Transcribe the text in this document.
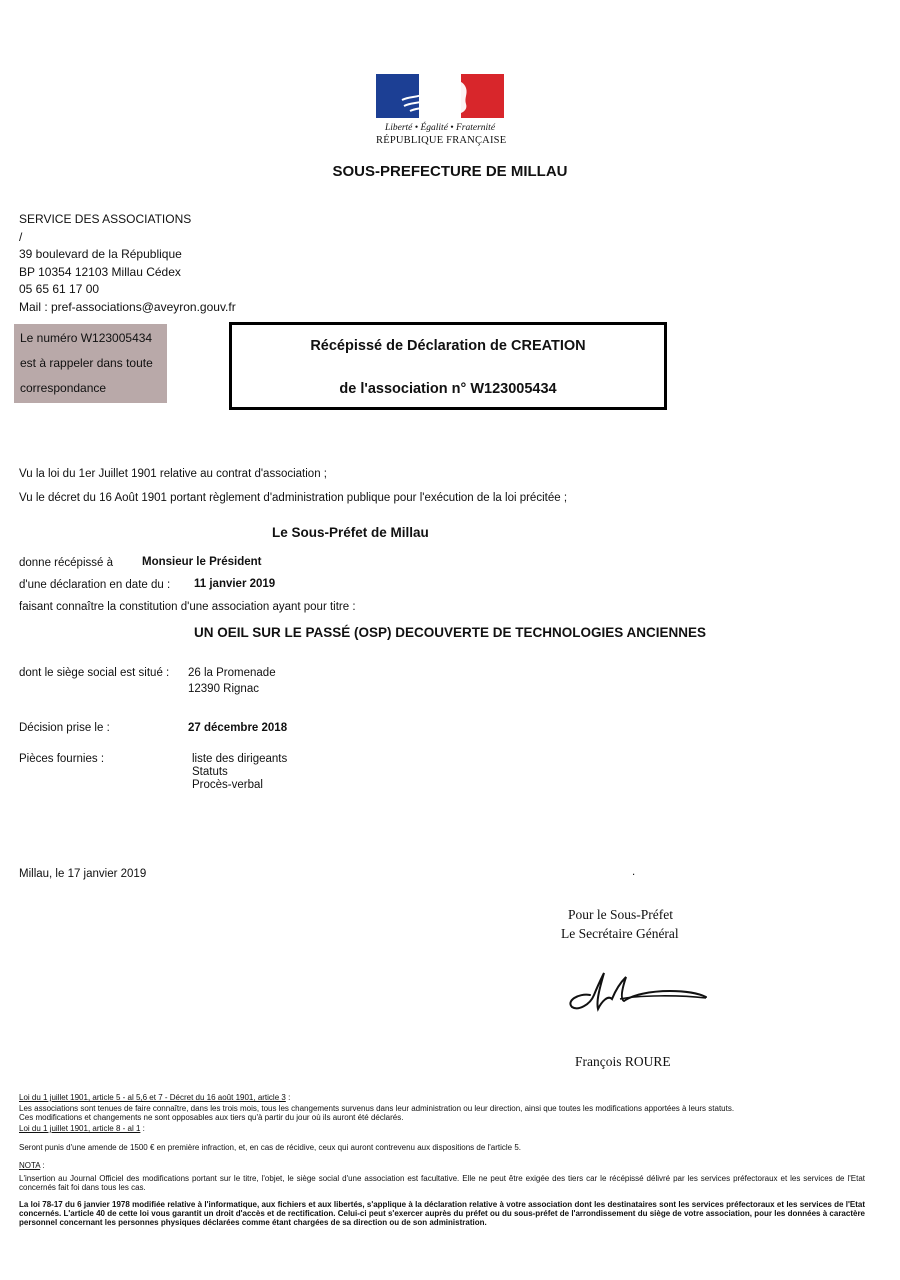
Liberté • Égalité • Fraternité
RÉPUBLIQUE FRANÇAISE
SOUS-PREFECTURE DE MILLAU
SERVICE DES ASSOCIATIONS
/
39 boulevard de la République
BP 10354 12103 Millau Cédex
05 65 61 17 00
Mail : pref-associations@aveyron.gouv.fr
Le numéro W123005434
est à rappeler dans toute
correspondance
Récépissé de Déclaration de CREATION
de l'association n° W123005434
Vu la loi du 1er Juillet 1901 relative au contrat d'association ;
Vu le décret du 16 Août 1901 portant règlement d'administration publique pour l'exécution de la loi précitée ;
Le Sous-Préfet de Millau
donne récépissé à	Monsieur le Président
d'une déclaration en date du : 11 janvier 2019
faisant connaître la constitution d'une association ayant pour titre :
UN OEIL SUR LE PASSÉ (OSP) DECOUVERTE DE TECHNOLOGIES ANCIENNES
dont le siège social est situé : 26 la Promenade
12390 Rignac
Décision prise le :	27 décembre 2018
Pièces fournies :	liste des dirigeants
Statuts
Procès-verbal
Millau, le 17 janvier 2019	.
Pour le Sous-Préfet
Le Secrétaire Général
François ROURE
Loi du 1 juillet 1901, article 5 - al 5,6 et 7 - Décret du 16 août 1901, article 3 :
Les associations sont tenues de faire connaître, dans les trois mois, tous les changements survenus dans leur administration ou leur direction, ainsi que toutes les modifications apportées à leurs statuts.
Ces modifications et changements ne sont opposables aux tiers qu'à partir du jour où ils auront été déclarés.
Loi du 1 juillet 1901, article 8 - al 1 :
Seront punis d'une amende de 1500 € en première infraction, et, en cas de récidive, ceux qui auront contrevenu aux dispositions de l'article 5.
NOTA :
L'insertion au Journal Officiel des modifications portant sur le titre, l'objet, le siège social d'une association est facultative. Elle ne peut être exigée des tiers car le récépissé délivré par les services préfectoraux et les services de l'Etat concernés fait foi dans tous les cas.
La loi 78-17 du 6 janvier 1978 modifiée relative à l'informatique, aux fichiers et aux libertés, s'applique à la déclaration relative à votre association dont les destinataires sont les services préfectoraux et les services de l'Etat concernés. L'article 40 de cette loi vous garantit un droit d'accès et de rectification. Celui-ci peut s'exercer auprès du préfet ou du sous-préfet de l'arrondissement du siège de votre association, pour les données à caractère personnel concernant les personnes physiques déclarées comme étant chargées de sa direction ou de son administration.
